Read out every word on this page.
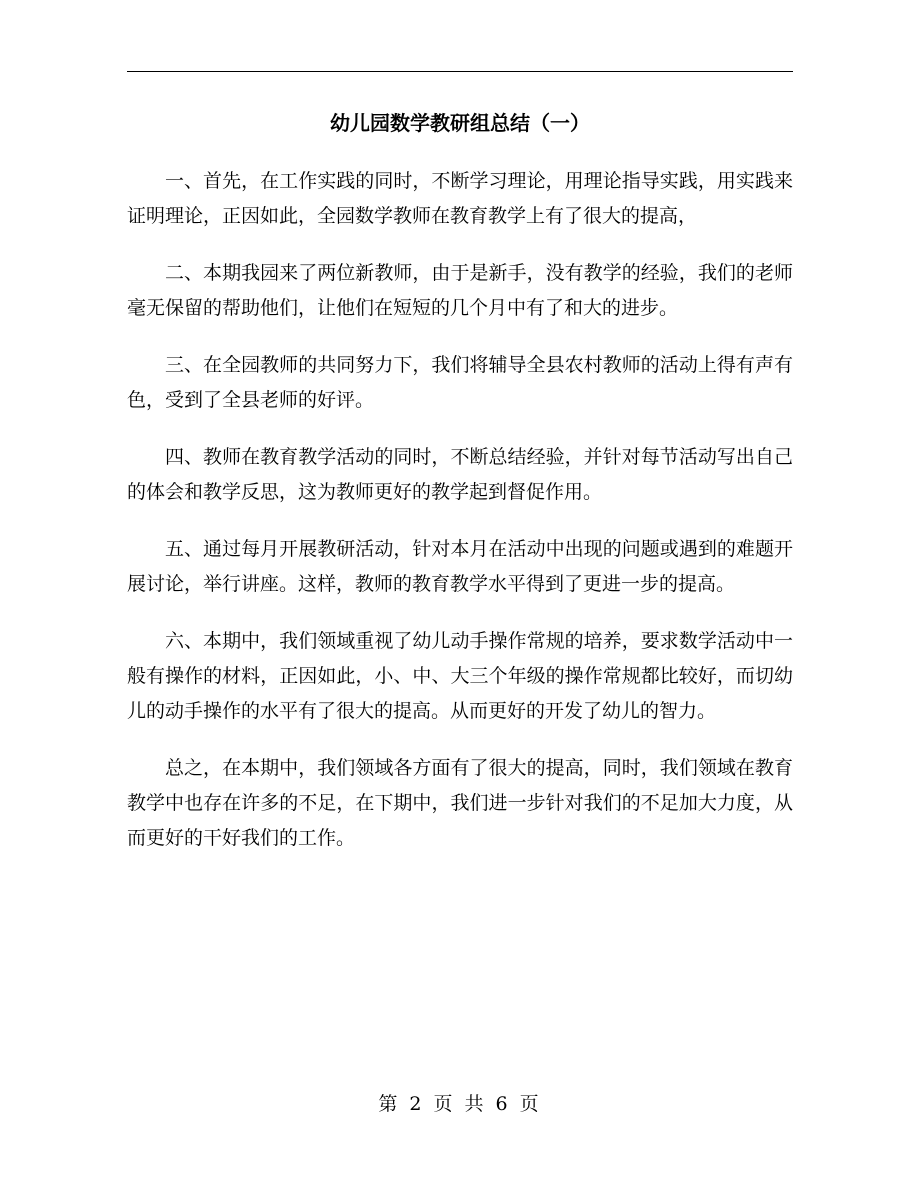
幼儿园数学教研组总结（一）

一、首先，在工作实践的同时，不断学习理论，用理论指导实践，用实践来证明理论，正因如此，全园数学教师在教育教学上有了很大的提高，

二、本期我园来了两位新教师，由于是新手，没有教学的经验，我们的老师毫无保留的帮助他们，让他们在短短的几个月中有了和大的进步。

三、在全园教师的共同努力下，我们将辅导全县农村教师的活动上得有声有色，受到了全县老师的好评。

四、教师在教育教学活动的同时，不断总结经验，并针对每节活动写出自己的体会和教学反思，这为教师更好的教学起到督促作用。

五、通过每月开展教研活动，针对本月在活动中出现的问题或遇到的难题开展讨论，举行讲座。这样，教师的教育教学水平得到了更进一步的提高。

六、本期中，我们领域重视了幼儿动手操作常规的培养，要求数学活动中一般有操作的材料，正因如此，小、中、大三个年级的操作常规都比较好，而切幼儿的动手操作的水平有了很大的提高。从而更好的开发了幼儿的智力。

总之，在本期中，我们领域各方面有了很大的提高，同时，我们领域在教育教学中也存在许多的不足，在下期中，我们进一步针对我们的不足加大力度，从而更好的干好我们的工作。

第 2 页 共 6 页
